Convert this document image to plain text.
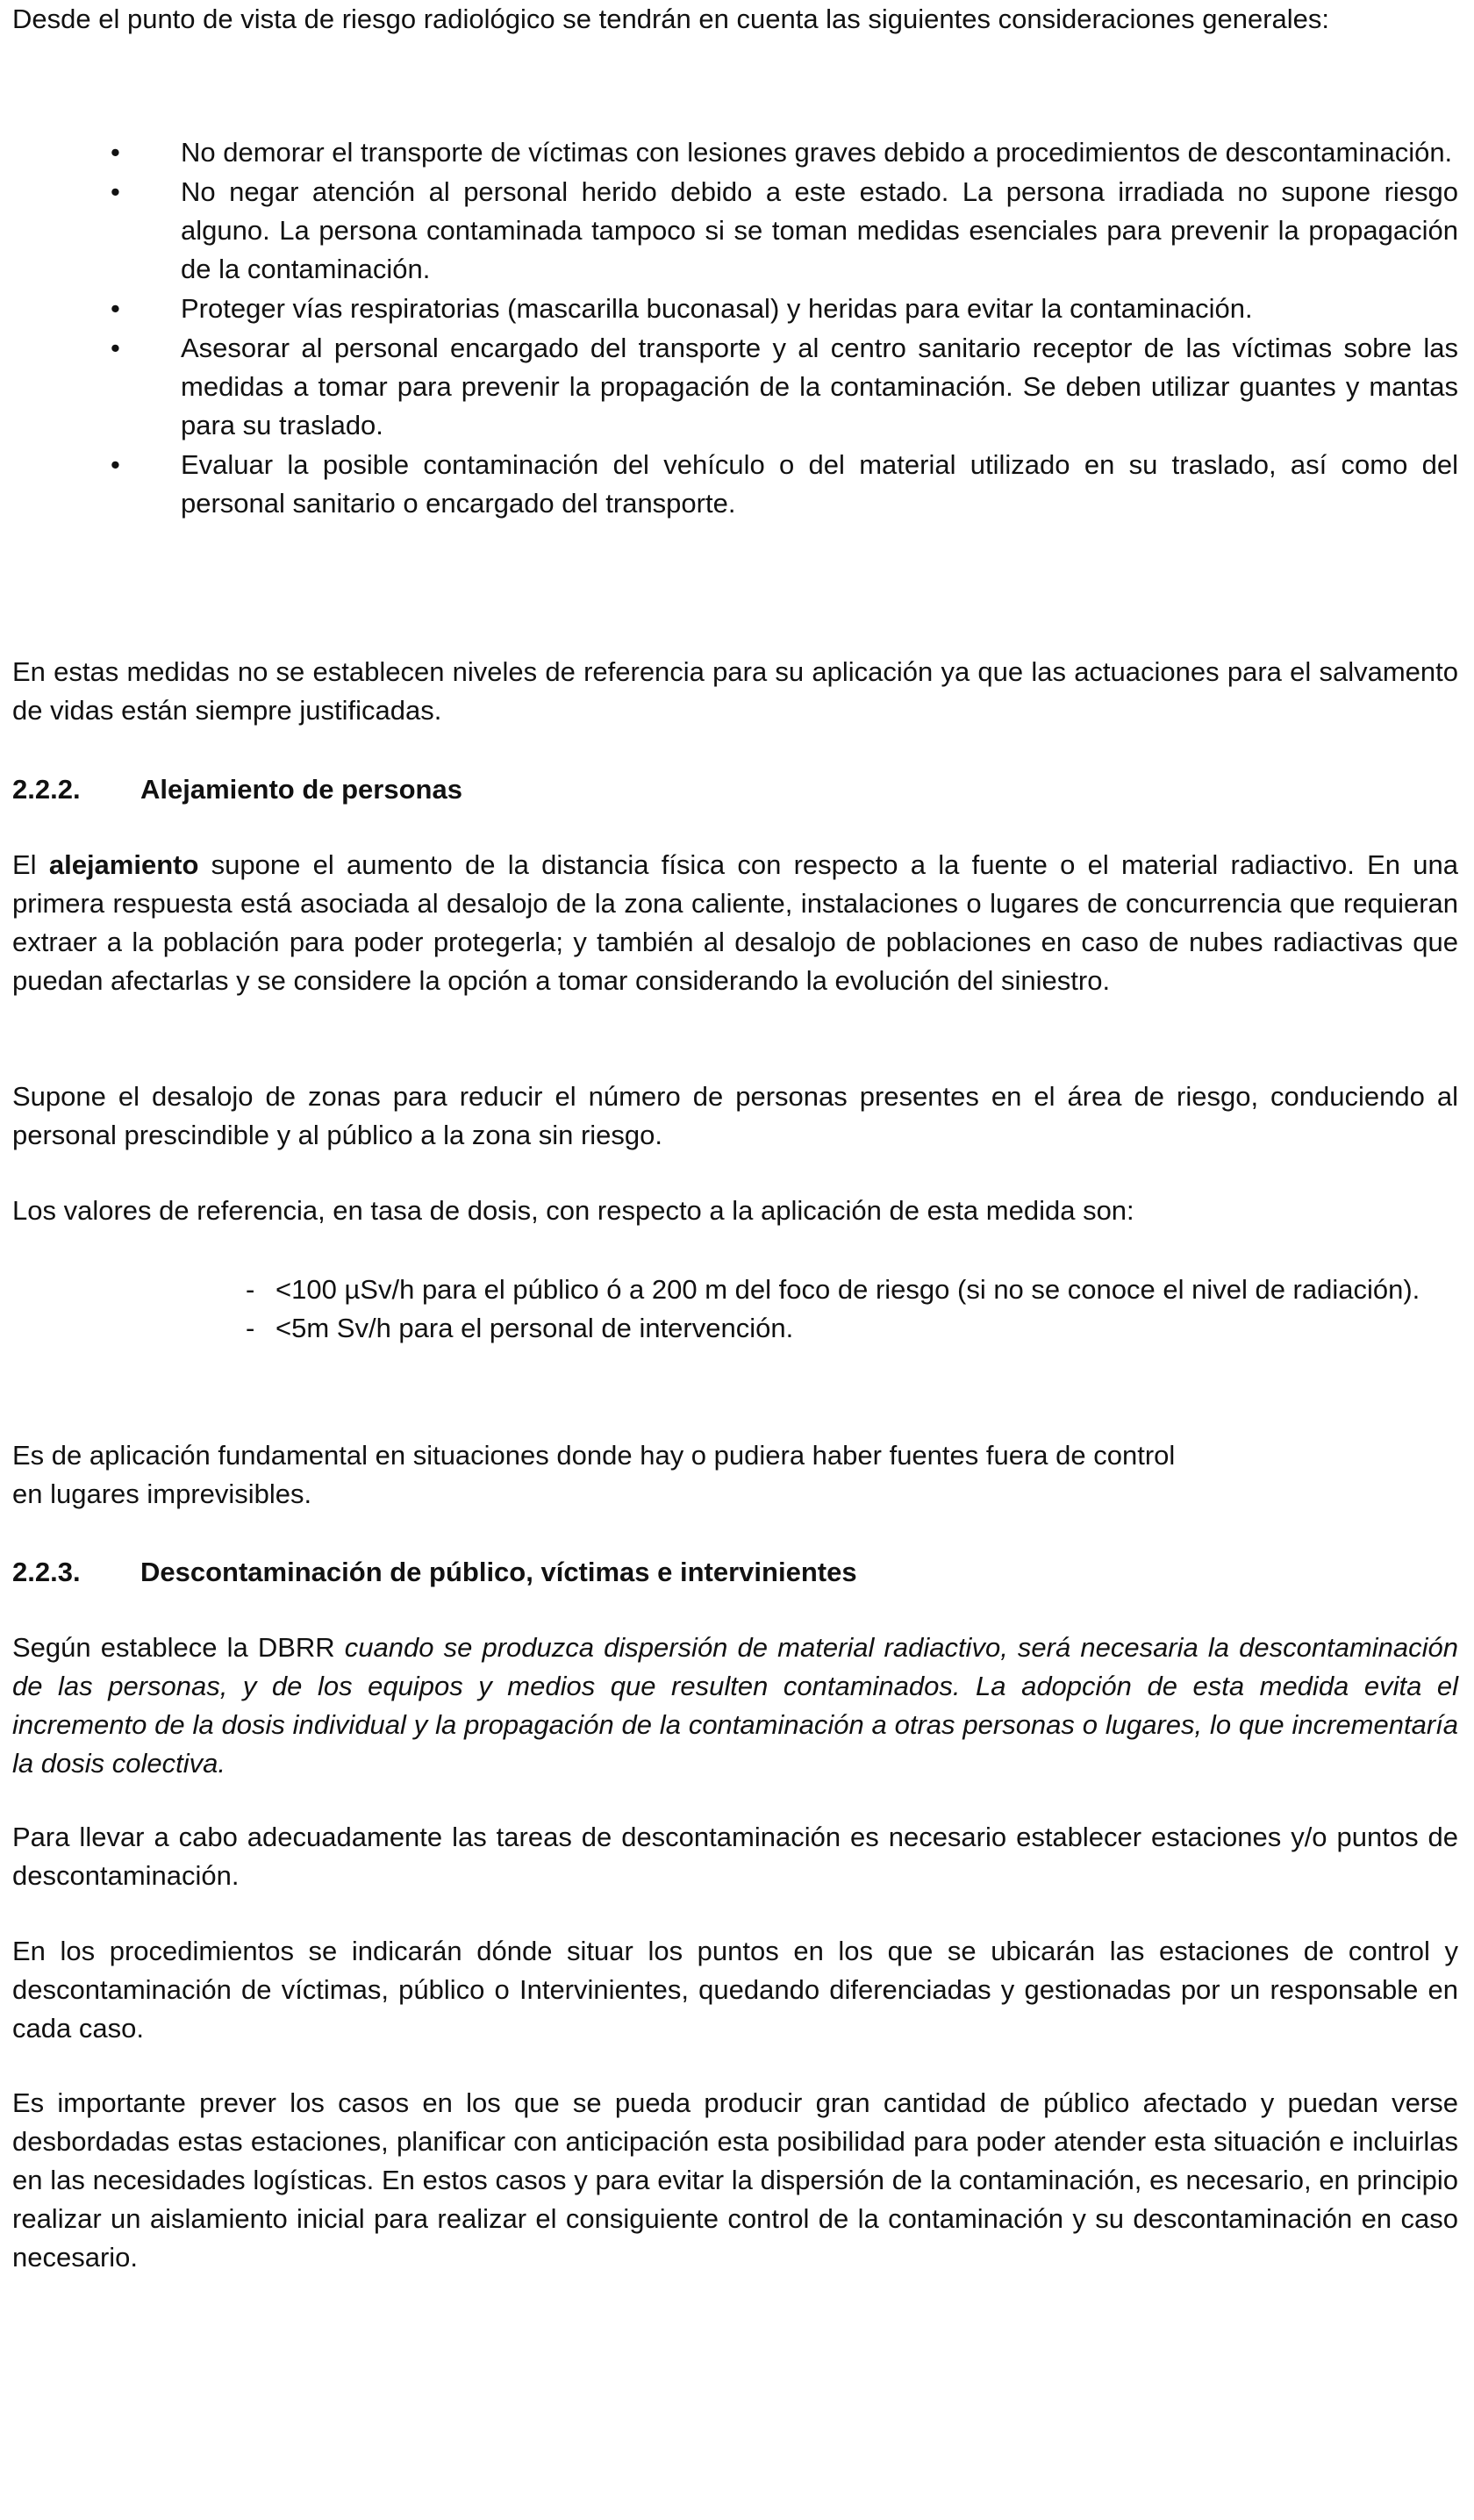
Desde el punto de vista de riesgo radiológico se tendrán en cuenta las siguientes consideraciones generales:

• No demorar el transporte de víctimas con lesiones graves debido a procedimientos de descontaminación.
• No negar atención al personal herido debido a este estado. La persona irradiada no supone riesgo alguno. La persona contaminada tampoco si se toman medidas esenciales para prevenir la propagación de la contaminación.
• Proteger vías respiratorias (mascarilla buconasal) y heridas para evitar la contaminación.
• Asesorar al personal encargado del transporte y al centro sanitario receptor de las víctimas sobre las medidas a tomar para prevenir la propagación de la contaminación. Se deben utilizar guantes y mantas para su traslado.
• Evaluar la posible contaminación del vehículo o del material utilizado en su traslado, así como del personal sanitario o encargado del transporte.

En estas medidas no se establecen niveles de referencia para su aplicación ya que las actuaciones para el salvamento de vidas están siempre justificadas.

2.2.2. Alejamiento de personas

El alejamiento supone el aumento de la distancia física con respecto a la fuente o el material radiactivo. En una primera respuesta está asociada al desalojo de la zona caliente, instalaciones o lugares de concurrencia que requieran extraer a la población para poder protegerla; y también al desalojo de poblaciones en caso de nubes radiactivas que puedan afectarlas y se considere la opción a tomar considerando la evolución del siniestro.

Supone el desalojo de zonas para reducir el número de personas presentes en el área de riesgo, conduciendo al personal prescindible y al público a la zona sin riesgo.

Los valores de referencia, en tasa de dosis, con respecto a la aplicación de esta medida son:

- <100 µSv/h para el público ó a 200 m del foco de riesgo (si no se conoce el nivel de radiación).
- <5m Sv/h para el personal de intervención.

Es de aplicación fundamental en situaciones donde hay o pudiera haber fuentes fuera de control
en lugares imprevisibles.

2.2.3. Descontaminación de público, víctimas e intervinientes

Según establece la DBRR cuando se produzca dispersión de material radiactivo, será necesaria la descontaminación de las personas, y de los equipos y medios que resulten contaminados. La adopción de esta medida evita el incremento de la dosis individual y la propagación de la contaminación a otras personas o lugares, lo que incrementaría la dosis colectiva.

Para llevar a cabo adecuadamente las tareas de descontaminación es necesario establecer estaciones y/o puntos de descontaminación.

En los procedimientos se indicarán dónde situar los puntos en los que se ubicarán las estaciones de control y descontaminación de víctimas, público o Intervinientes, quedando diferenciadas y gestionadas por un responsable en cada caso.

Es importante prever los casos en los que se pueda producir gran cantidad de público afectado y puedan verse desbordadas estas estaciones, planificar con anticipación esta posibilidad para poder atender esta situación e incluirlas en las necesidades logísticas. En estos casos y para evitar la dispersión de la contaminación, es necesario, en principio realizar un aislamiento inicial para realizar el consiguiente control de la contaminación y su descontaminación en caso necesario.
